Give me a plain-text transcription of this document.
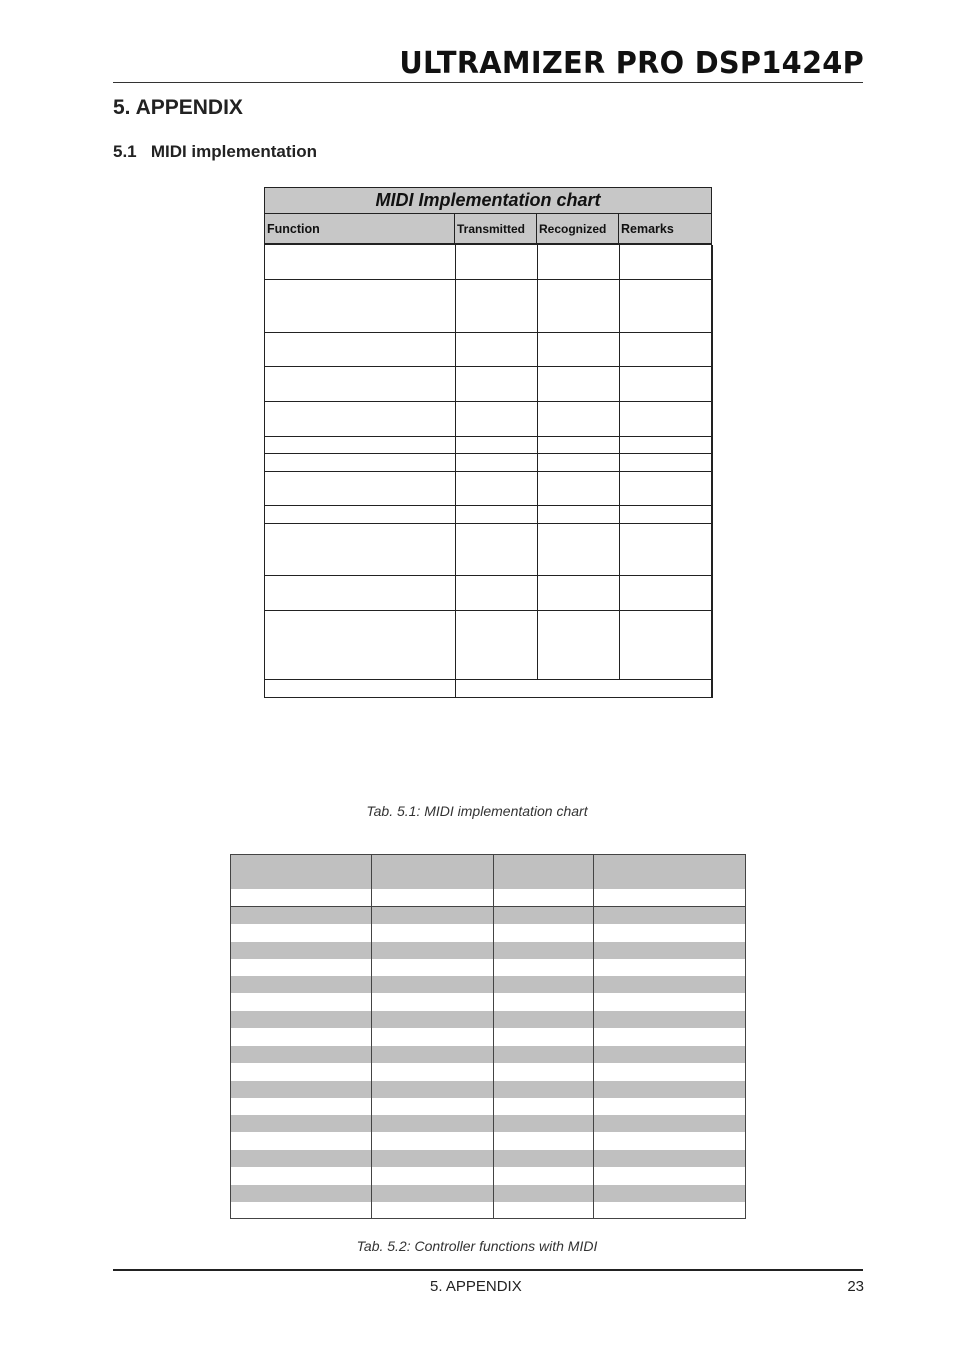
ULTRAMIZER PRO DSP1424P
5. APPENDIX
5.1 MIDI implementation
MIDI Implementation chart
Function	Transmitted	Recognized	Remarks
Tab. 5.1: MIDI implementation chart
Tab. 5.2: Controller functions with MIDI
5. APPENDIX	23
